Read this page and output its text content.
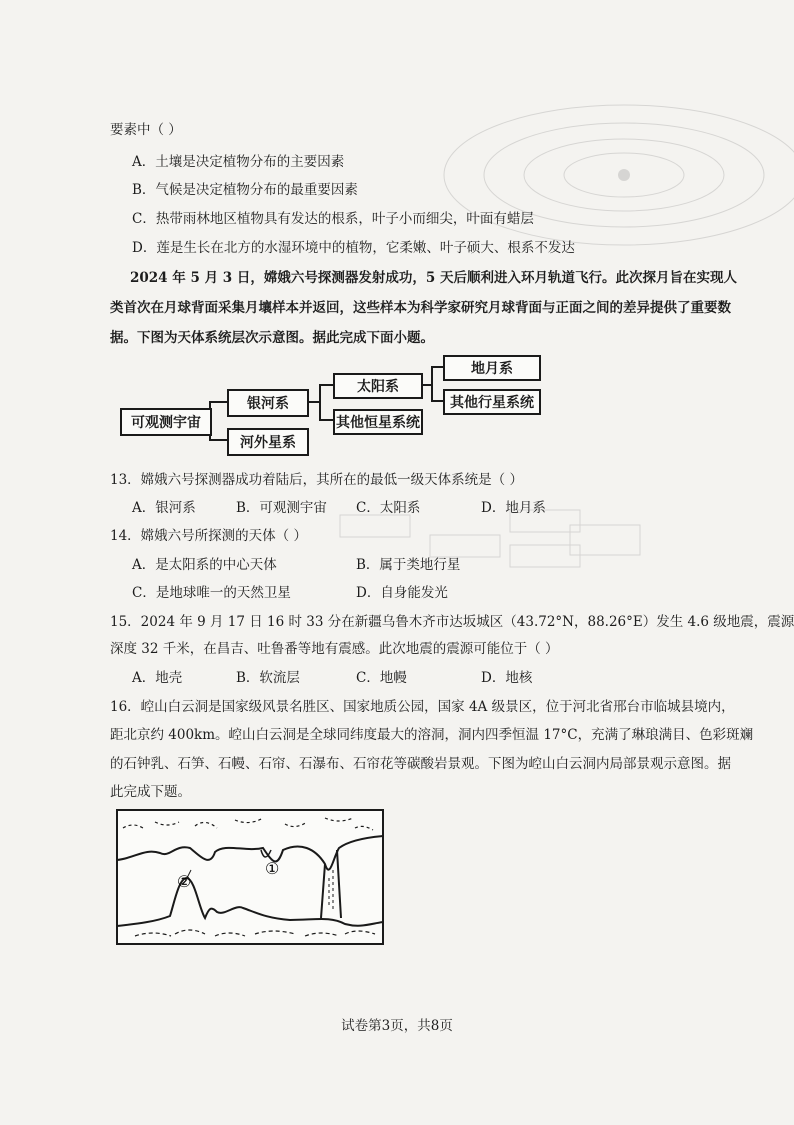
要素中（ ）
A．土壤是决定植物分布的主要因素
B．气候是决定植物分布的最重要因素
C．热带雨林地区植物具有发达的根系，叶子小而细尖，叶面有蜡层
D．莲是生长在北方的水湿环境中的植物，它柔嫩、叶子硕大、根系不发达
2024 年 5 月 3 日，嫦娥六号探测器发射成功，5 天后顺利进入环月轨道飞行。此次探月旨在实现人
类首次在月球背面采集月壤样本并返回，这些样本为科学家研究月球背面与正面之间的差异提供了重要数
据。下图为天体系统层次示意图。据此完成下面小题。
可观测宇宙
银河系
河外星系
太阳系
其他恒星系统
地月系
其他行星系统
13．嫦娥六号探测器成功着陆后，其所在的最低一级天体系统是（ ）
A．银河系	B．可观测宇宙 C．太阳系	D．地月系
14．嫦娥六号所探测的天体（ ）
A．是太阳系的中心天体	B．属于类地行星
C．是地球唯一的天然卫星	D．自身能发光
15．2024 年 9 月 17 日 16 时 33 分在新疆乌鲁木齐市达坂城区（43.72°N，88.26°E）发生 4.6 级地震，震源
深度 32 千米，在昌吉、吐鲁番等地有震感。此次地震的震源可能位于（ ）
A．地壳	B．软流层	C．地幔	D．地核
16．崆山白云洞是国家级风景名胜区、国家地质公园，国家 4A 级景区，位于河北省邢台市临城县境内，
距北京约 400km。崆山白云洞是全球同纬度最大的溶洞，洞内四季恒温 17°C，充满了琳琅满目、色彩斑斓
的石钟乳、石笋、石幔、石帘、石瀑布、石帘花等碳酸岩景观。下图为崆山白云洞内局部景观示意图。据
此完成下题。
②
①
试卷第3页，共8页
